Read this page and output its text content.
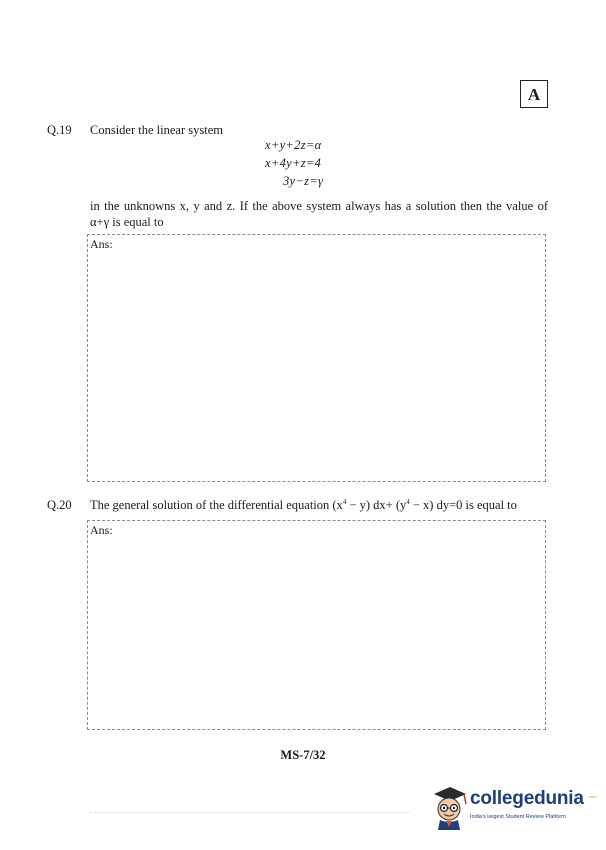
A
Q.19 Consider the linear system
x+y+2z=α
x+4y+z=4
3y−z=γ
in the unknowns x, y and z. If the above system always has a solution then the value of
α+γ is equal to
Ans:
Q.20 The general solution of the differential equation $(x^4 - y)$ $dx+ (y^4 - x)$ dy=0 is equal to
Ans:
MS-7/32
collegedunia .com
India's largest Student Review Platform
